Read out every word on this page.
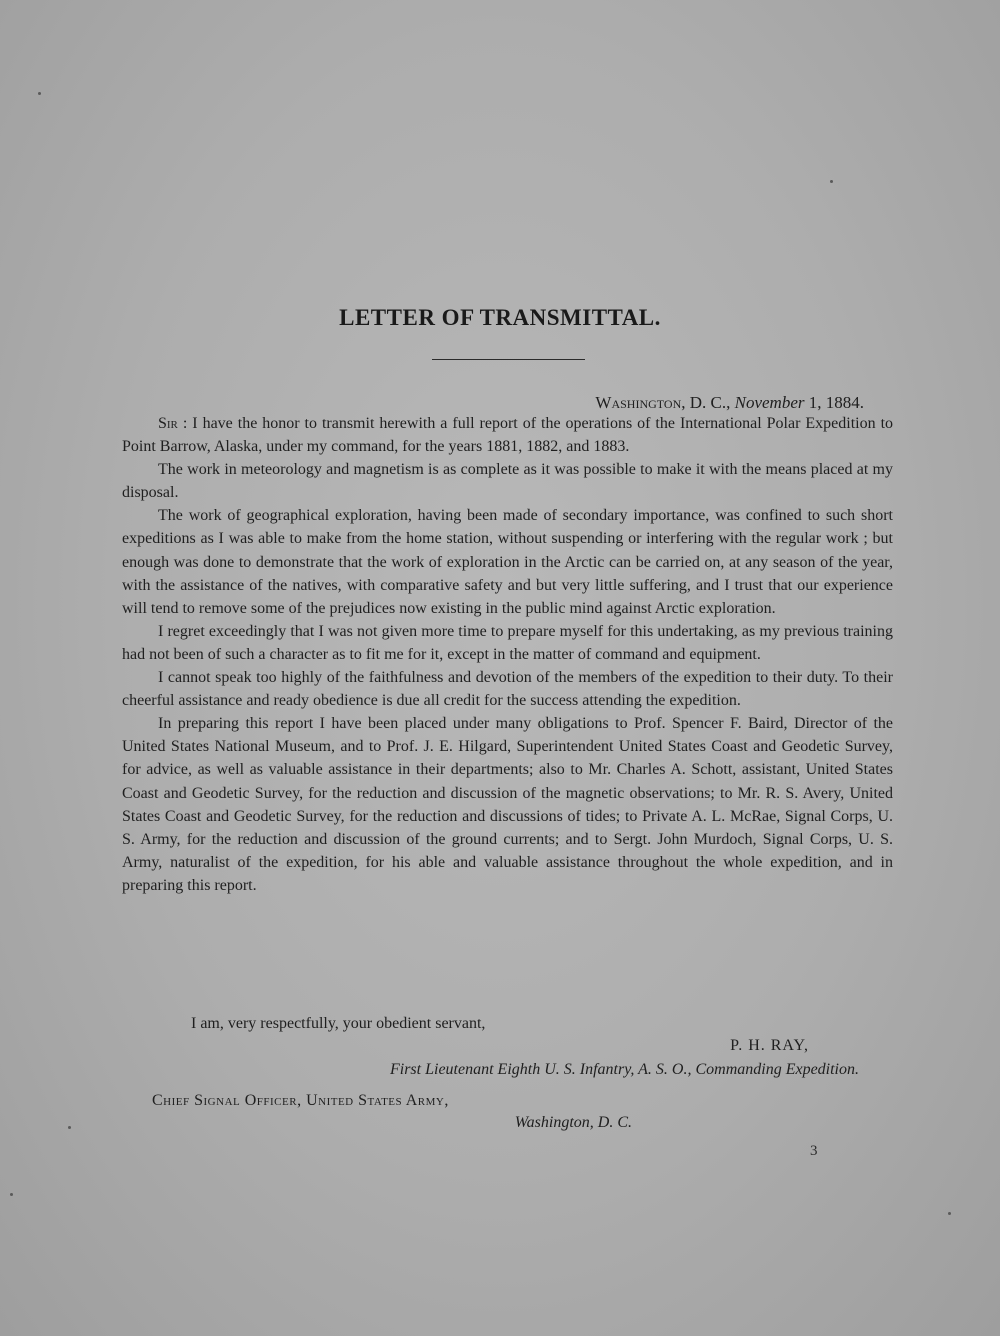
LETTER OF TRANSMITTAL.
Washington, D. C., November 1, 1884.

Sir : I have the honor to transmit herewith a full report of the operations of the International Polar Expedition to Point Barrow, Alaska, under my command, for the years 1881, 1882, and 1883.

The work in meteorology and magnetism is as complete as it was possible to make it with the means placed at my disposal.

The work of geographical exploration, having been made of secondary importance, was confined to such short expeditions as I was able to make from the home station, without suspending or interfering with the regular work ; but enough was done to demonstrate that the work of exploration in the Arctic can be carried on, at any season of the year, with the assistance of the natives, with comparative safety and but very little suffering, and I trust that our experience will tend to remove some of the prejudices now existing in the public mind against Arctic exploration.

I regret exceedingly that I was not given more time to prepare myself for this undertaking, as my previous training had not been of such a character as to fit me for it, except in the matter of command and equipment.

I cannot speak too highly of the faithfulness and devotion of the members of the expedition to their duty. To their cheerful assistance and ready obedience is due all credit for the success attending the expedition.

In preparing this report I have been placed under many obligations to Prof. Spencer F. Baird, Director of the United States National Museum, and to Prof. J. E. Hilgard, Superintendent United States Coast and Geodetic Survey, for advice, as well as valuable assistance in their departments; also to Mr. Charles A. Schott, assistant, United States Coast and Geodetic Survey, for the reduction and discussion of the magnetic observations; to Mr. R. S. Avery, United States Coast and Geodetic Survey, for the reduction and discussions of tides; to Private A. L. McRae, Signal Corps, U. S. Army, for the reduction and discussion of the ground currents; and to Sergt. John Murdoch, Signal Corps, U. S. Army, naturalist of the expedition, for his able and valuable assistance throughout the whole expedition, and in preparing this report.

I am, very respectfully, your obedient servant,
P. H. RAY,
First Lieutenant Eighth U. S. Infantry, A. S. O., Commanding Expedition.
Chief Signal Officer, United States Army,
Washington, D. C.
3
